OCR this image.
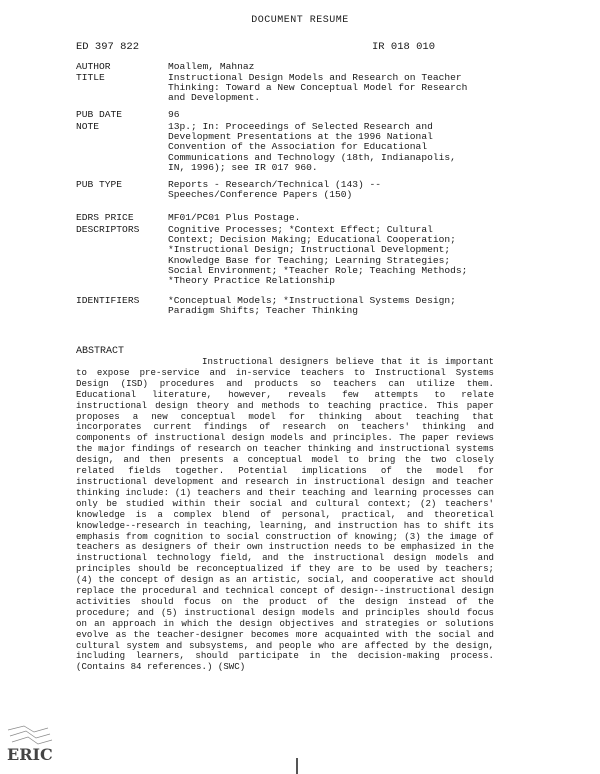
DOCUMENT RESUME
ED 397 822	IR 018 010
AUTHOR	Moallem, Mahnaz
TITLE	Instructional Design Models and Research on Teacher
Thinking: Toward a New Conceptual Model for Research
and Development.
PUB DATE	96
NOTE	13p.; In: Proceedings of Selected Research and
Development Presentations at the 1996 National
Convention of the Association for Educational
Communications and Technology (18th, Indianapolis,
IN, 1996); see IR 017 960.
PUB TYPE	Reports - Research/Technical (143) --
Speeches/Conference Papers (150)
EDRS PRICE	MF01/PC01 Plus Postage.
DESCRIPTORS	Cognitive Processes; *Context Effect; Cultural
Context; Decision Making; Educational Cooperation;
*Instructional Design; Instructional Development;
Knowledge Base for Teaching; Learning Strategies;
Social Environment; *Teacher Role; Teaching Methods;
*Theory Practice Relationship
IDENTIFIERS	*Conceptual Models; *Instructional Systems Design;
Paradigm Shifts; Teacher Thinking
ABSTRACT
Instructional designers believe that it is important to expose pre-service and in-service teachers to Instructional Systems Design (ISD) procedures and products so teachers can utilize them. Educational literature, however, reveals few attempts to relate instructional design theory and methods to teaching practice. This paper proposes a new conceptual model for thinking about teaching that incorporates current findings of research on teachers' thinking and components of instructional design models and principles. The paper reviews the major findings of research on teacher thinking and instructional systems design, and then presents a conceptual model to bring the two closely related fields together. Potential implications of the model for instructional development and research in instructional design and teacher thinking include: (1) teachers and their teaching and learning processes can only be studied within their social and cultural context; (2) teachers' knowledge is a complex blend of personal, practical, and theoretical knowledge--research in teaching, learning, and instruction has to shift its emphasis from cognition to social construction of knowing; (3) the image of teachers as designers of their own instruction needs to be emphasized in the instructional technology field, and the instructional design models and principles should be reconceptualized if they are to be used by teachers; (4) the concept of design as an artistic, social, and cooperative act should replace the procedural and technical concept of design--instructional design activities should focus on the product of the design instead of the procedure; and (5) instructional design models and principles should focus on an approach in which the design objectives and strategies or solutions evolve as the teacher-designer becomes more acquainted with the social and cultural system and subsystems, and people who are affected by the design, including learners, should participate in the decision-making process. (Contains 84 references.) (SWC)
ERIC
